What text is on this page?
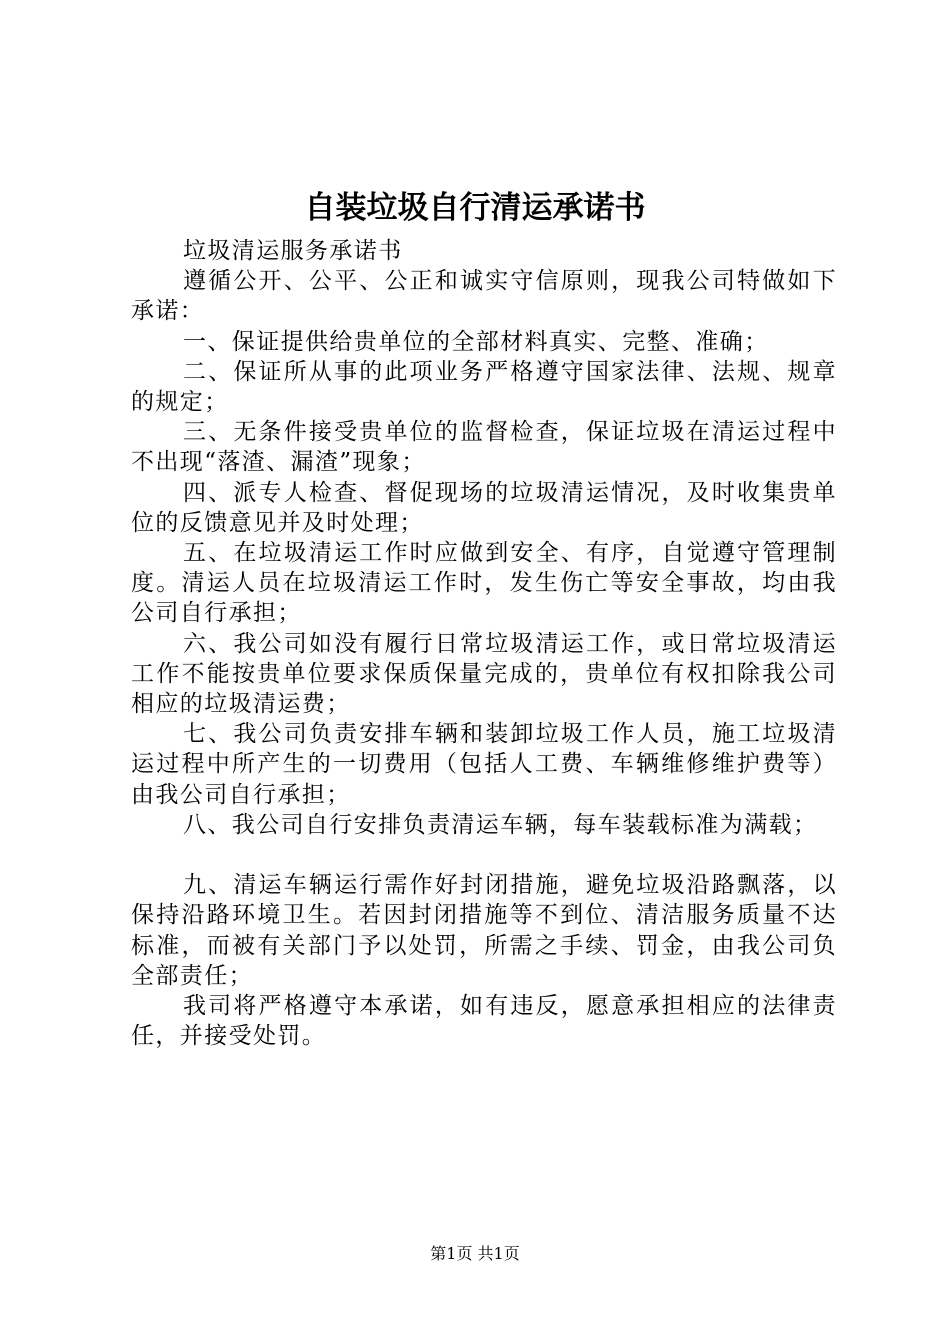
自装垃圾自行清运承诺书

垃圾清运服务承诺书

遵循公开、公平、公正和诚实守信原则，现我公司特做如下承诺：

一、保证提供给贵单位的全部材料真实、完整、准确；

二、保证所从事的此项业务严格遵守国家法律、法规、规章的规定；

三、无条件接受贵单位的监督检查，保证垃圾在清运过程中不出现“落渣、漏渣”现象；

四、派专人检查、督促现场的垃圾清运情况，及时收集贵单位的反馈意见并及时处理；

五、在垃圾清运工作时应做到安全、有序，自觉遵守管理制度。清运人员在垃圾清运工作时，发生伤亡等安全事故，均由我公司自行承担；

六、我公司如没有履行日常垃圾清运工作，或日常垃圾清运工作不能按贵单位要求保质保量完成的，贵单位有权扣除我公司相应的垃圾清运费；

七、我公司负责安排车辆和装卸垃圾工作人员，施工垃圾清运过程中所产生的一切费用（包括人工费、车辆维修维护费等）由我公司自行承担；

八、我公司自行安排负责清运车辆，每车装载标准为满载；

九、清运车辆运行需作好封闭措施，避免垃圾沿路飘落，以保持沿路环境卫生。若因封闭措施等不到位、清洁服务质量不达标准，而被有关部门予以处罚，所需之手续、罚金，由我公司负全部责任；

我司将严格遵守本承诺，如有违反，愿意承担相应的法律责任，并接受处罚。

第1页 共1页
